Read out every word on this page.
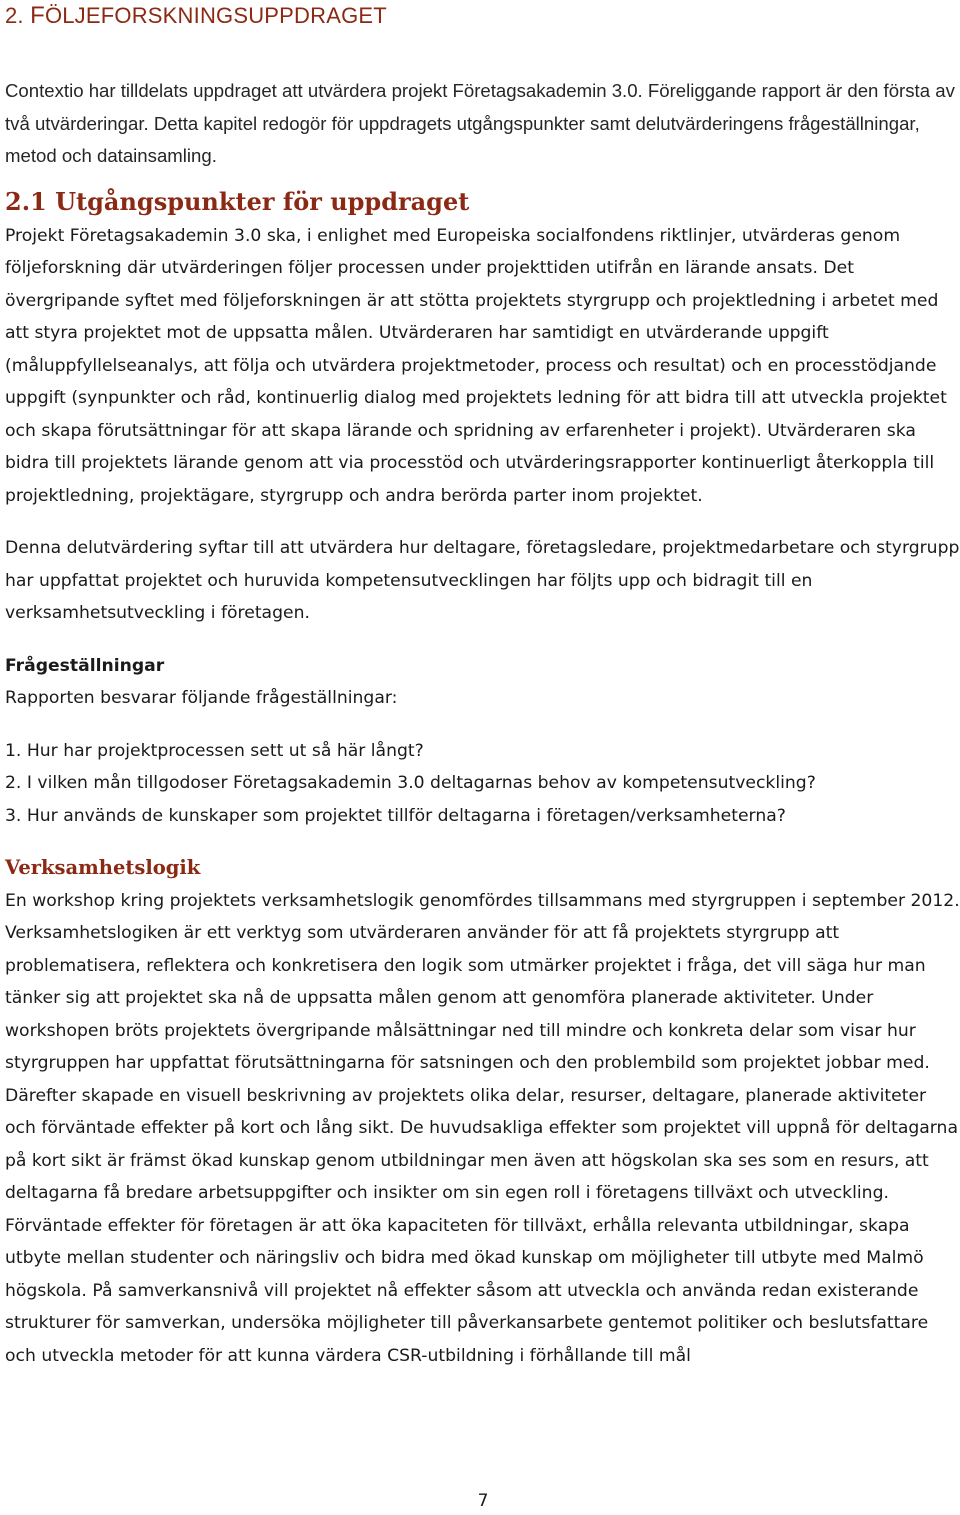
2. FÖLJEFORSKNINGSUPPDRAGET

Contextio har tilldelats uppdraget att utvärdera projekt Företagsakademin 3.0. Föreliggande rapport är den första av två utvärderingar. Detta kapitel redogör för uppdragets utgångspunkter samt delutvärderingens frågeställningar, metod och datainsamling.

2.1 Utgångspunkter för uppdraget

Projekt Företagsakademin 3.0 ska, i enlighet med Europeiska socialfondens riktlinjer, utvärderas genom följeforskning där utvärderingen följer processen under projekttiden utifrån en lärande ansats. Det övergripande syftet med följeforskningen är att stötta projektets styrgrupp och projektledning i arbetet med att styra projektet mot de uppsatta målen. Utvärderaren har samtidigt en utvärderande uppgift (måluppfyllelseanalys, att följa och utvärdera projektmetoder, process och resultat) och en processtödjande uppgift (synpunkter och råd, kontinuerlig dialog med projektets ledning för att bidra till att utveckla projektet och skapa förutsättningar för att skapa lärande och spridning av erfarenheter i projekt). Utvärderaren ska bidra till projektets lärande genom att via processtöd och utvärderingsrapporter kontinuerligt återkoppla till projektledning, projektägare, styrgrupp och andra berörda parter inom projektet.

Denna delutvärdering syftar till att utvärdera hur deltagare, företagsledare, projektmedarbetare och styrgrupp har uppfattat projektet och huruvida kompetensutvecklingen har följts upp och bidragit till en verksamhetsutveckling i företagen.

Frågeställningar

Rapporten besvarar följande frågeställningar:

1. Hur har projektprocessen sett ut så här långt?
2. I vilken mån tillgodoser Företagsakademin 3.0 deltagarnas behov av kompetensutveckling?
3. Hur används de kunskaper som projektet tillför deltagarna i företagen/verksamheterna?
Verksamhetslogik

En workshop kring projektets verksamhetslogik genomfördes tillsammans med styrgruppen i september 2012. Verksamhetslogiken är ett verktyg som utvärderaren använder för att få projektets styrgrupp att problematisera, reflektera och konkretisera den logik som utmärker projektet i fråga, det vill säga hur man tänker sig att projektet ska nå de uppsatta målen genom att genomföra planerade aktiviteter. Under workshopen bröts projektets övergripande målsättningar ned till mindre och konkreta delar som visar hur styrgruppen har uppfattat förutsättningarna för satsningen och den problembild som projektet jobbar med. Därefter skapade en visuell beskrivning av projektets olika delar, resurser, deltagare, planerade aktiviteter och förväntade effekter på kort och lång sikt. De huvudsakliga effekter som projektet vill uppnå för deltagarna på kort sikt är främst ökad kunskap genom utbildningar men även att högskolan ska ses som en resurs, att deltagarna få bredare arbetsuppgifter och insikter om sin egen roll i företagens tillväxt och utveckling. Förväntade effekter för företagen är att öka kapaciteten för tillväxt, erhålla relevanta utbildningar, skapa utbyte mellan studenter och näringsliv och bidra med ökad kunskap om möjligheter till utbyte med Malmö högskola. På samverkansnivå vill projektet nå effekter såsom att utveckla och använda redan existerande strukturer för samverkan, undersöka möjligheter till påverkansarbete gentemot politiker och beslutsfattare och utveckla metoder för att kunna värdera CSR-utbildning i förhållande till mål

7
